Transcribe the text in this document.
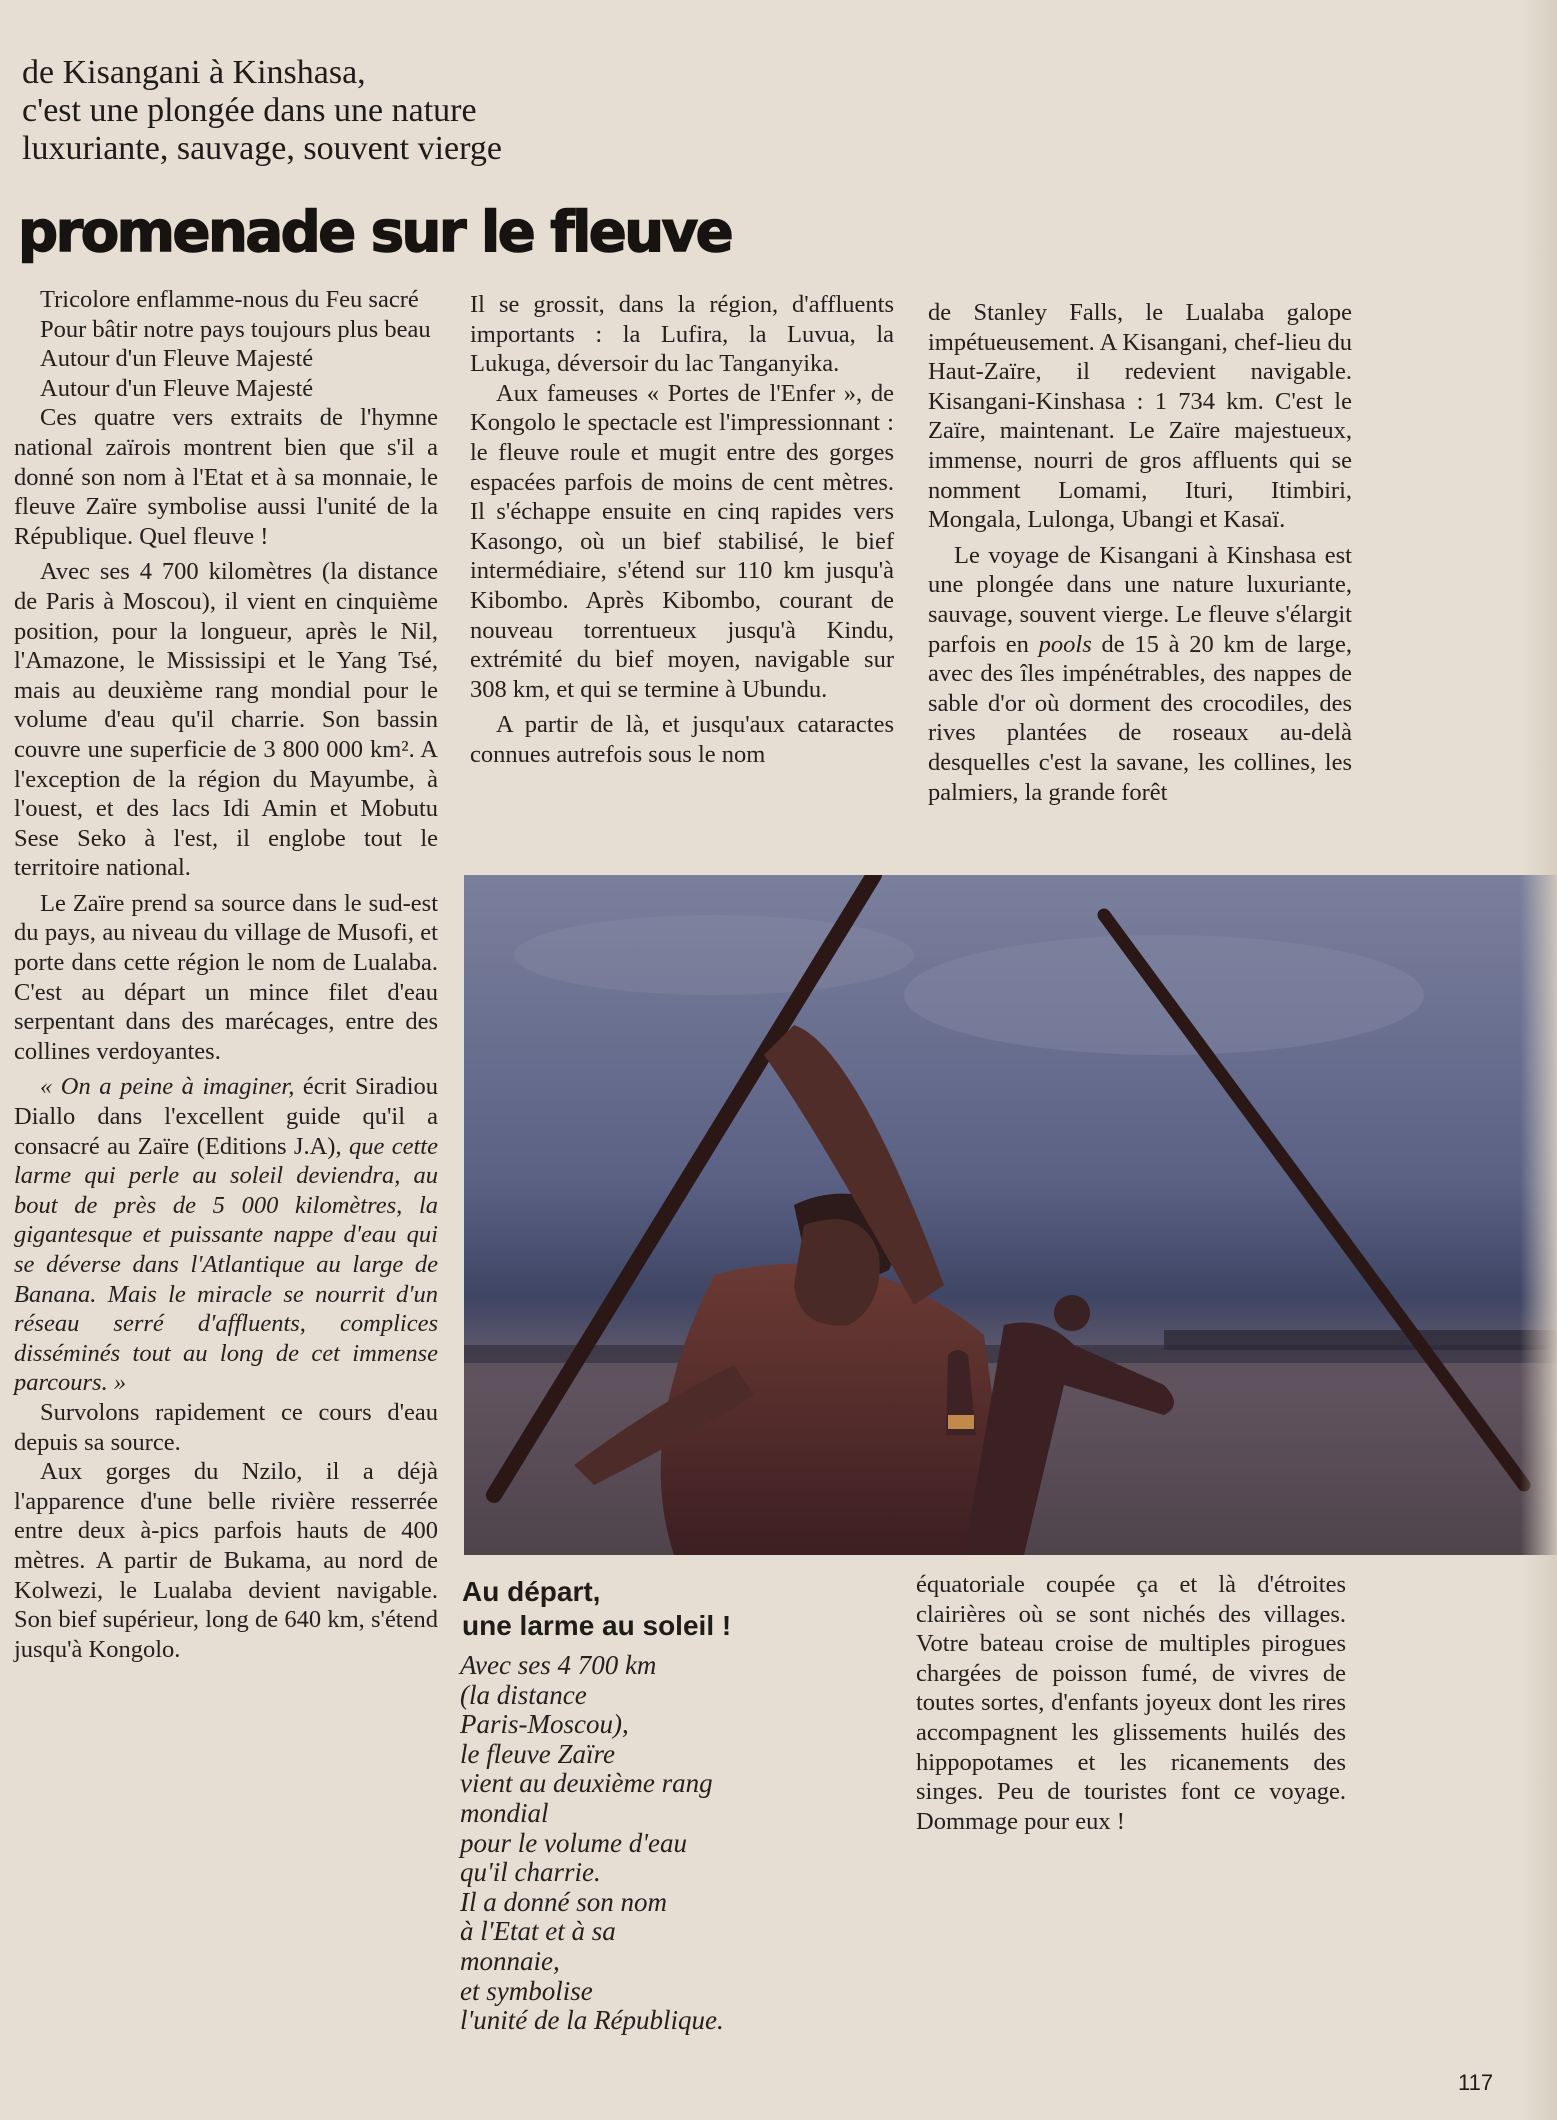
de Kisangani à Kinshasa,
c'est une plongée dans une nature
luxuriante, sauvage, souvent vierge
promenade sur le fleuve

Tricolore enflamme-nous du Feu sacré

Pour bâtir notre pays toujours plus beau

Autour d'un Fleuve Majesté

Autour d'un Fleuve Majesté

Ces quatre vers extraits de l'hymne national zaïrois montrent bien que s'il a donné son nom à l'Etat et à sa monnaie, le fleuve Zaïre symbolise aussi l'unité de la République. Quel fleuve !

Avec ses 4 700 kilomètres (la distance de Paris à Moscou), il vient en cinquième position, pour la longueur, après le Nil, l'Amazone, le Mississipi et le Yang Tsé, mais au deuxième rang mondial pour le volume d'eau qu'il charrie. Son bassin couvre une superficie de 3 800 000 km². A l'exception de la région du Mayumbe, à l'ouest, et des lacs Idi Amin et Mobutu Sese Seko à l'est, il englobe tout le territoire national.

Le Zaïre prend sa source dans le sud-est du pays, au niveau du village de Musofi, et porte dans cette région le nom de Lualaba. C'est au départ un mince filet d'eau serpentant dans des marécages, entre des collines verdoyantes.

« On a peine à imaginer, écrit Siradiou Diallo dans l'excellent guide qu'il a consacré au Zaïre (Editions J.A), que cette larme qui perle au soleil deviendra, au bout de près de 5 000 kilomètres, la gigantesque et puissante nappe d'eau qui se déverse dans l'Atlantique au large de Banana. Mais le miracle se nourrit d'un réseau serré d'affluents, complices disséminés tout au long de cet immense parcours. »

Survolons rapidement ce cours d'eau depuis sa source.

Aux gorges du Nzilo, il a déjà l'apparence d'une belle rivière resserrée entre deux à-pics parfois hauts de 400 mètres. A partir de Bukama, au nord de Kolwezi, le Lualaba devient navigable. Son bief supérieur, long de 640 km, s'étend jusqu'à Kongolo.

Il se grossit, dans la région, d'affluents importants : la Lufira, la Luvua, la Lukuga, déversoir du lac Tanganyika.

Aux fameuses « Portes de l'Enfer », de Kongolo le spectacle est l'impressionnant : le fleuve roule et mugit entre des gorges espacées parfois de moins de cent mètres. Il s'échappe ensuite en cinq rapides vers Kasongo, où un bief stabilisé, le bief intermédiaire, s'étend sur 110 km jusqu'à Kibombo. Après Kibombo, courant de nouveau torrentueux jusqu'à Kindu, extrémité du bief moyen, navigable sur 308 km, et qui se termine à Ubundu.

A partir de là, et jusqu'aux cataractes connues autrefois sous le nom

de Stanley Falls, le Lualaba galope impétueusement. A Kisangani, chef-lieu du Haut-Zaïre, il redevient navigable. Kisangani-Kinshasa : 1 734 km. C'est le Zaïre, maintenant. Le Zaïre majestueux, immense, nourri de gros affluents qui se nomment Lomami, Ituri, Itimbiri, Mongala, Lulonga, Ubangi et Kasaï.

Le voyage de Kisangani à Kinshasa est une plongée dans une nature luxuriante, sauvage, souvent vierge. Le fleuve s'élargit parfois en pools de 15 à 20 km de large, avec des îles impénétrables, des nappes de sable d'or où dorment des crocodiles, des rives plantées de roseaux au-delà desquelles c'est la savane, les collines, les palmiers, la grande forêt

Au départ,
une larme au soleil !
Avec ses 4 700 km
(la distance
Paris-Moscou),
le fleuve Zaïre
vient au deuxième rang
mondial
pour le volume d'eau
qu'il charrie.
Il a donné son nom
à l'Etat et à sa
monnaie,
et symbolise
l'unité de la République.

équatoriale coupée ça et là d'étroites clairières où se sont nichés des villages. Votre bateau croise de multiples pirogues chargées de poisson fumé, de vivres de toutes sortes, d'enfants joyeux dont les rires accompagnent les glissements huilés des hippopotames et les ricanements des singes. Peu de touristes font ce voyage. Dommage pour eux !

117
